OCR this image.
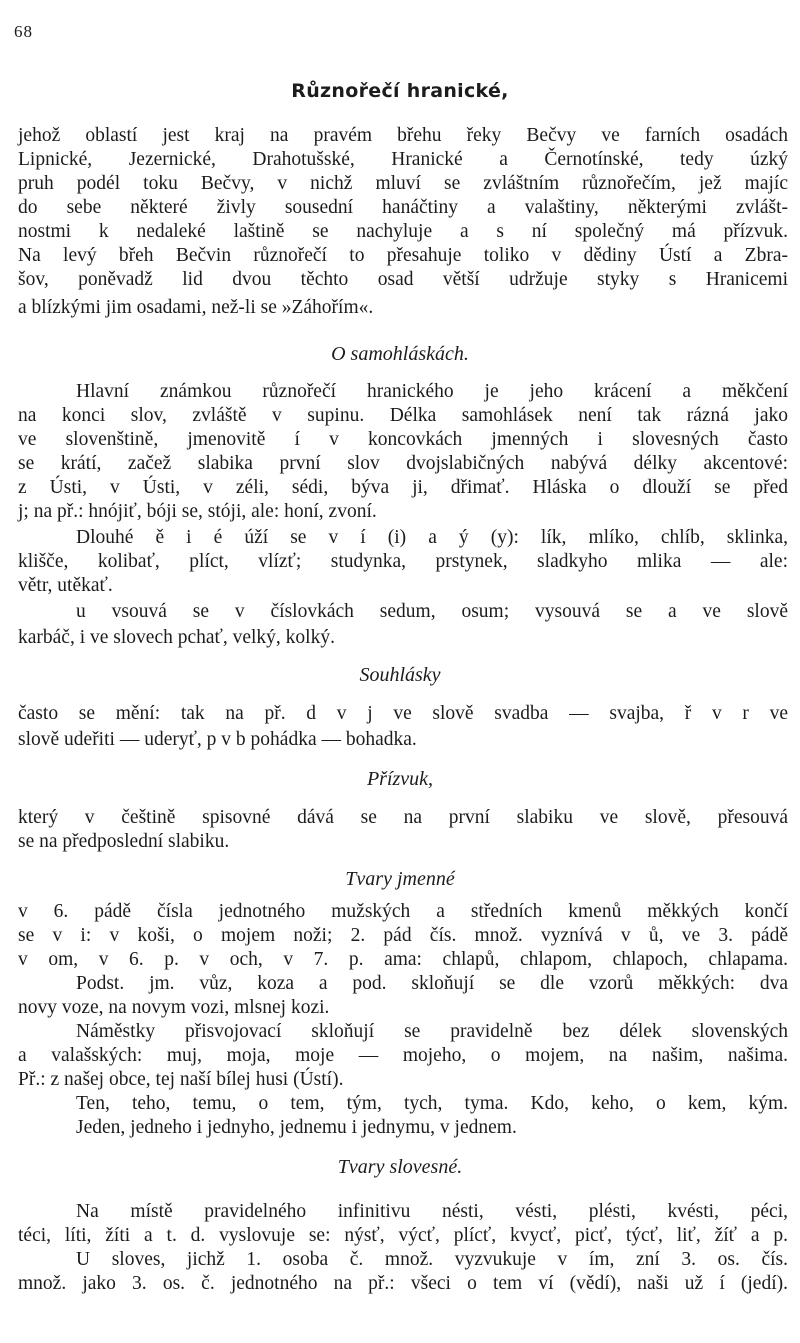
68
Různořečí hranické,
jehož oblastí jest kraj na pravém břehu řeky Bečvy ve farních osadách
Lipnické, Jezernické, Drahotušské, Hranické a Černotínské, tedy úzký
pruh podél toku Bečvy, v nichž mluví se zvláštním různořečím, jež majíc
do sebe některé živly sousední hanáčtiny a valaštiny, některými zvlášt-
nostmi k nedaleké laštině se nachyluje a s ní společný má přízvuk.
Na levý břeh Bečvin různořečí to přesahuje toliko v dědiny Ústí a Zbra-
šov, poněvadž lid dvou těchto osad větší udržuje styky s Hranicemi
a blízkými jim osadami, než-li se »Záhořím«.
O samohláskách.
Hlavní známkou různořečí hranického je jeho krácení a měkčení
na konci slov, zvláště v supinu. Délka samohlásek není tak rázná jako
ve slovenštině, jmenovitě í v koncovkách jmenných i slovesných často
se krátí, začež slabika první slov dvojslabičných nabývá délky akcentové:
z Ústi, v Ústi, v zéli, sédi, býva ji, dřimať. Hláska o dlouží se před
j; na př.: hnójiť, bóji se, stóji, ale: honí, zvoní.
Dlouhé ě i é úží se v í (i) a ý (y): lík, mlíko, chlíb, sklinka,
klišče, kolibať, plíct, vlízť; studynka, prstynek, sladkyho mlika — ale:
větr, utěkať.
u vsouvá se v číslovkách sedum, osum; vysouvá se a ve slově
karbáč, i ve slovech pchať, velký, kolký.
Souhlásky
často se mění: tak na př. d v j ve slově svadba — svajba, ř v r ve
slově udeřiti — uderyť, p v b pohádka — bohadka.
Přízvuk,
který v češtině spisovné dává se na první slabiku ve slově, přesouvá
se na předposlední slabiku.
Tvary jmenné
v 6. pádě čísla jednotného mužských a středních kmenů měkkých končí
se v i: v koši, o mojem noži; 2. pád čís. množ. vyznívá v ů, ve 3. pádě
v om, v 6. p. v och, v 7. p. ama: chlapů, chlapom, chlapoch, chlapama.
Podst. jm. vůz, koza a pod. skloňují se dle vzorů měkkých: dva
novy voze, na novym vozi, mlsnej kozi.
Náměstky přisvojovací skloňují se pravidelně bez délek slovenských
a valašských: muj, moja, moje — mojeho, o mojem, na našim, našima.
Př.: z našej obce, tej naší bílej husi (Ústí).
Ten, teho, temu, o tem, tým, tych, tyma. Kdo, keho, o kem, kým.
Jeden, jedneho i jednyho, jednemu i jednymu, v jednem.
Tvary slovesné.
Na místě pravidelného infinitivu nésti, vésti, plésti, kvésti, péci,
téci, líti, žíti a t. d. vyslovuje se: nýsť, výcť, plícť, kvycť, picť, týcť, liť, žíť a p.
U sloves, jichž 1. osoba č. množ. vyzvukuje v ím, zní 3. os. čís.
množ. jako 3. os. č. jednotného na př.: všeci o tem ví (vědí), naši už í (jedí).
